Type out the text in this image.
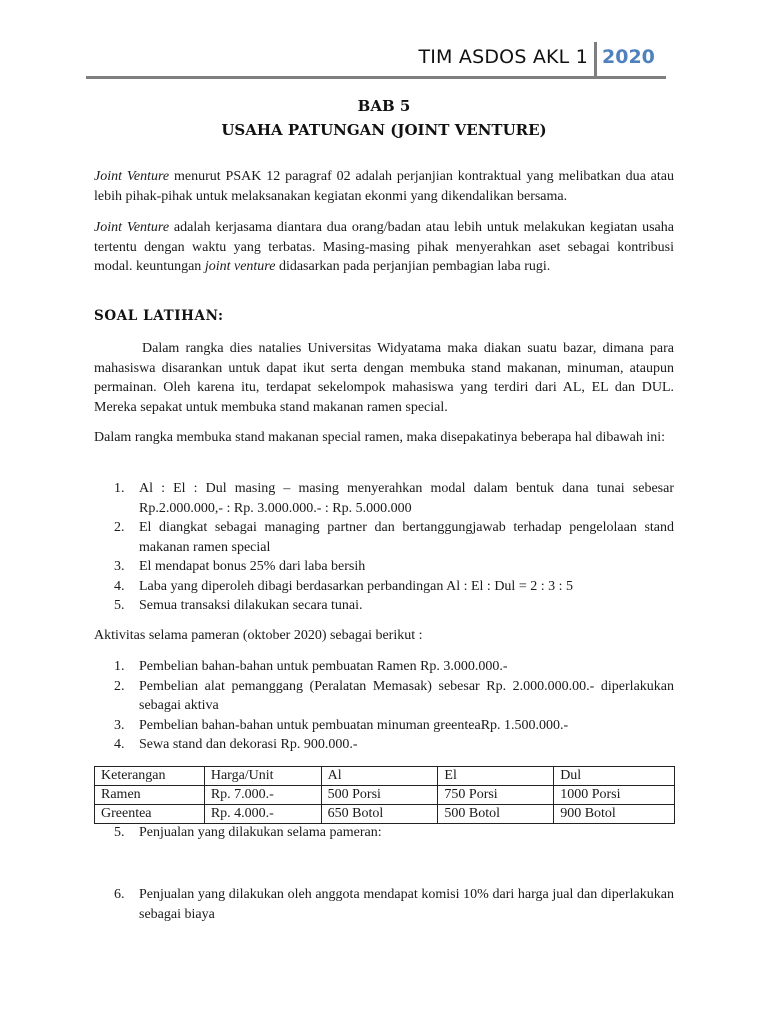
TIM ASDOS AKL 1 2020
BAB 5
USAHA PATUNGAN (JOINT VENTURE)

Joint Venture menurut PSAK 12 paragraf 02 adalah perjanjian kontraktual yang melibatkan dua atau lebih pihak-pihak untuk melaksanakan kegiatan ekonmi yang dikendalikan bersama.

Joint Venture adalah kerjasama diantara dua orang/badan atau lebih untuk melakukan kegiatan usaha tertentu dengan waktu yang terbatas. Masing-masing pihak menyerahkan aset sebagai kontribusi modal. keuntungan joint venture didasarkan pada perjanjian pembagian laba rugi.

SOAL LATIHAN:

Dalam rangka dies natalies Universitas Widyatama maka diakan suatu bazar, dimana para mahasiswa disarankan untuk dapat ikut serta dengan membuka stand makanan, minuman, ataupun permainan. Oleh karena itu, terdapat sekelompok mahasiswa yang terdiri dari AL, EL dan DUL. Mereka sepakat untuk membuka stand makanan ramen special.

Dalam rangka membuka stand makanan special ramen, maka disepakatinya beberapa hal dibawah ini:

1. Al : El : Dul masing – masing menyerahkan modal dalam bentuk dana tunai sebesar Rp.2.000.000,- : Rp. 3.000.000.- : Rp. 5.000.000
2. El diangkat sebagai managing partner dan bertanggungjawab terhadap pengelolaan stand makanan ramen special
3. El mendapat bonus 25% dari laba bersih
4. Laba yang diperoleh dibagi berdasarkan perbandingan Al : El : Dul = 2 : 3 : 5
5. Semua transaksi dilakukan secara tunai.

Aktivitas selama pameran (oktober 2020) sebagai berikut :

1. Pembelian bahan-bahan untuk pembuatan Ramen Rp. 3.000.000.-
2. Pembelian alat pemanggang (Peralatan Memasak) sebesar Rp. 2.000.000.00.- diperlakukan sebagai aktiva
3. Pembelian bahan-bahan untuk pembuatan minuman greenteaRp. 1.500.000.-
4. Sewa stand dan dekorasi Rp. 900.000.-
Keterangan	Harga/Unit	Al	El	Dul
Ramen	Rp. 7.000.-	500 Porsi	750 Porsi	1000 Porsi
Greentea	Rp. 4.000.-	650 Botol	500 Botol	900 Botol
5. Penjualan yang dilakukan selama pameran:
6. Penjualan yang dilakukan oleh anggota mendapat komisi 10% dari harga jual dan diperlakukan sebagai biaya
